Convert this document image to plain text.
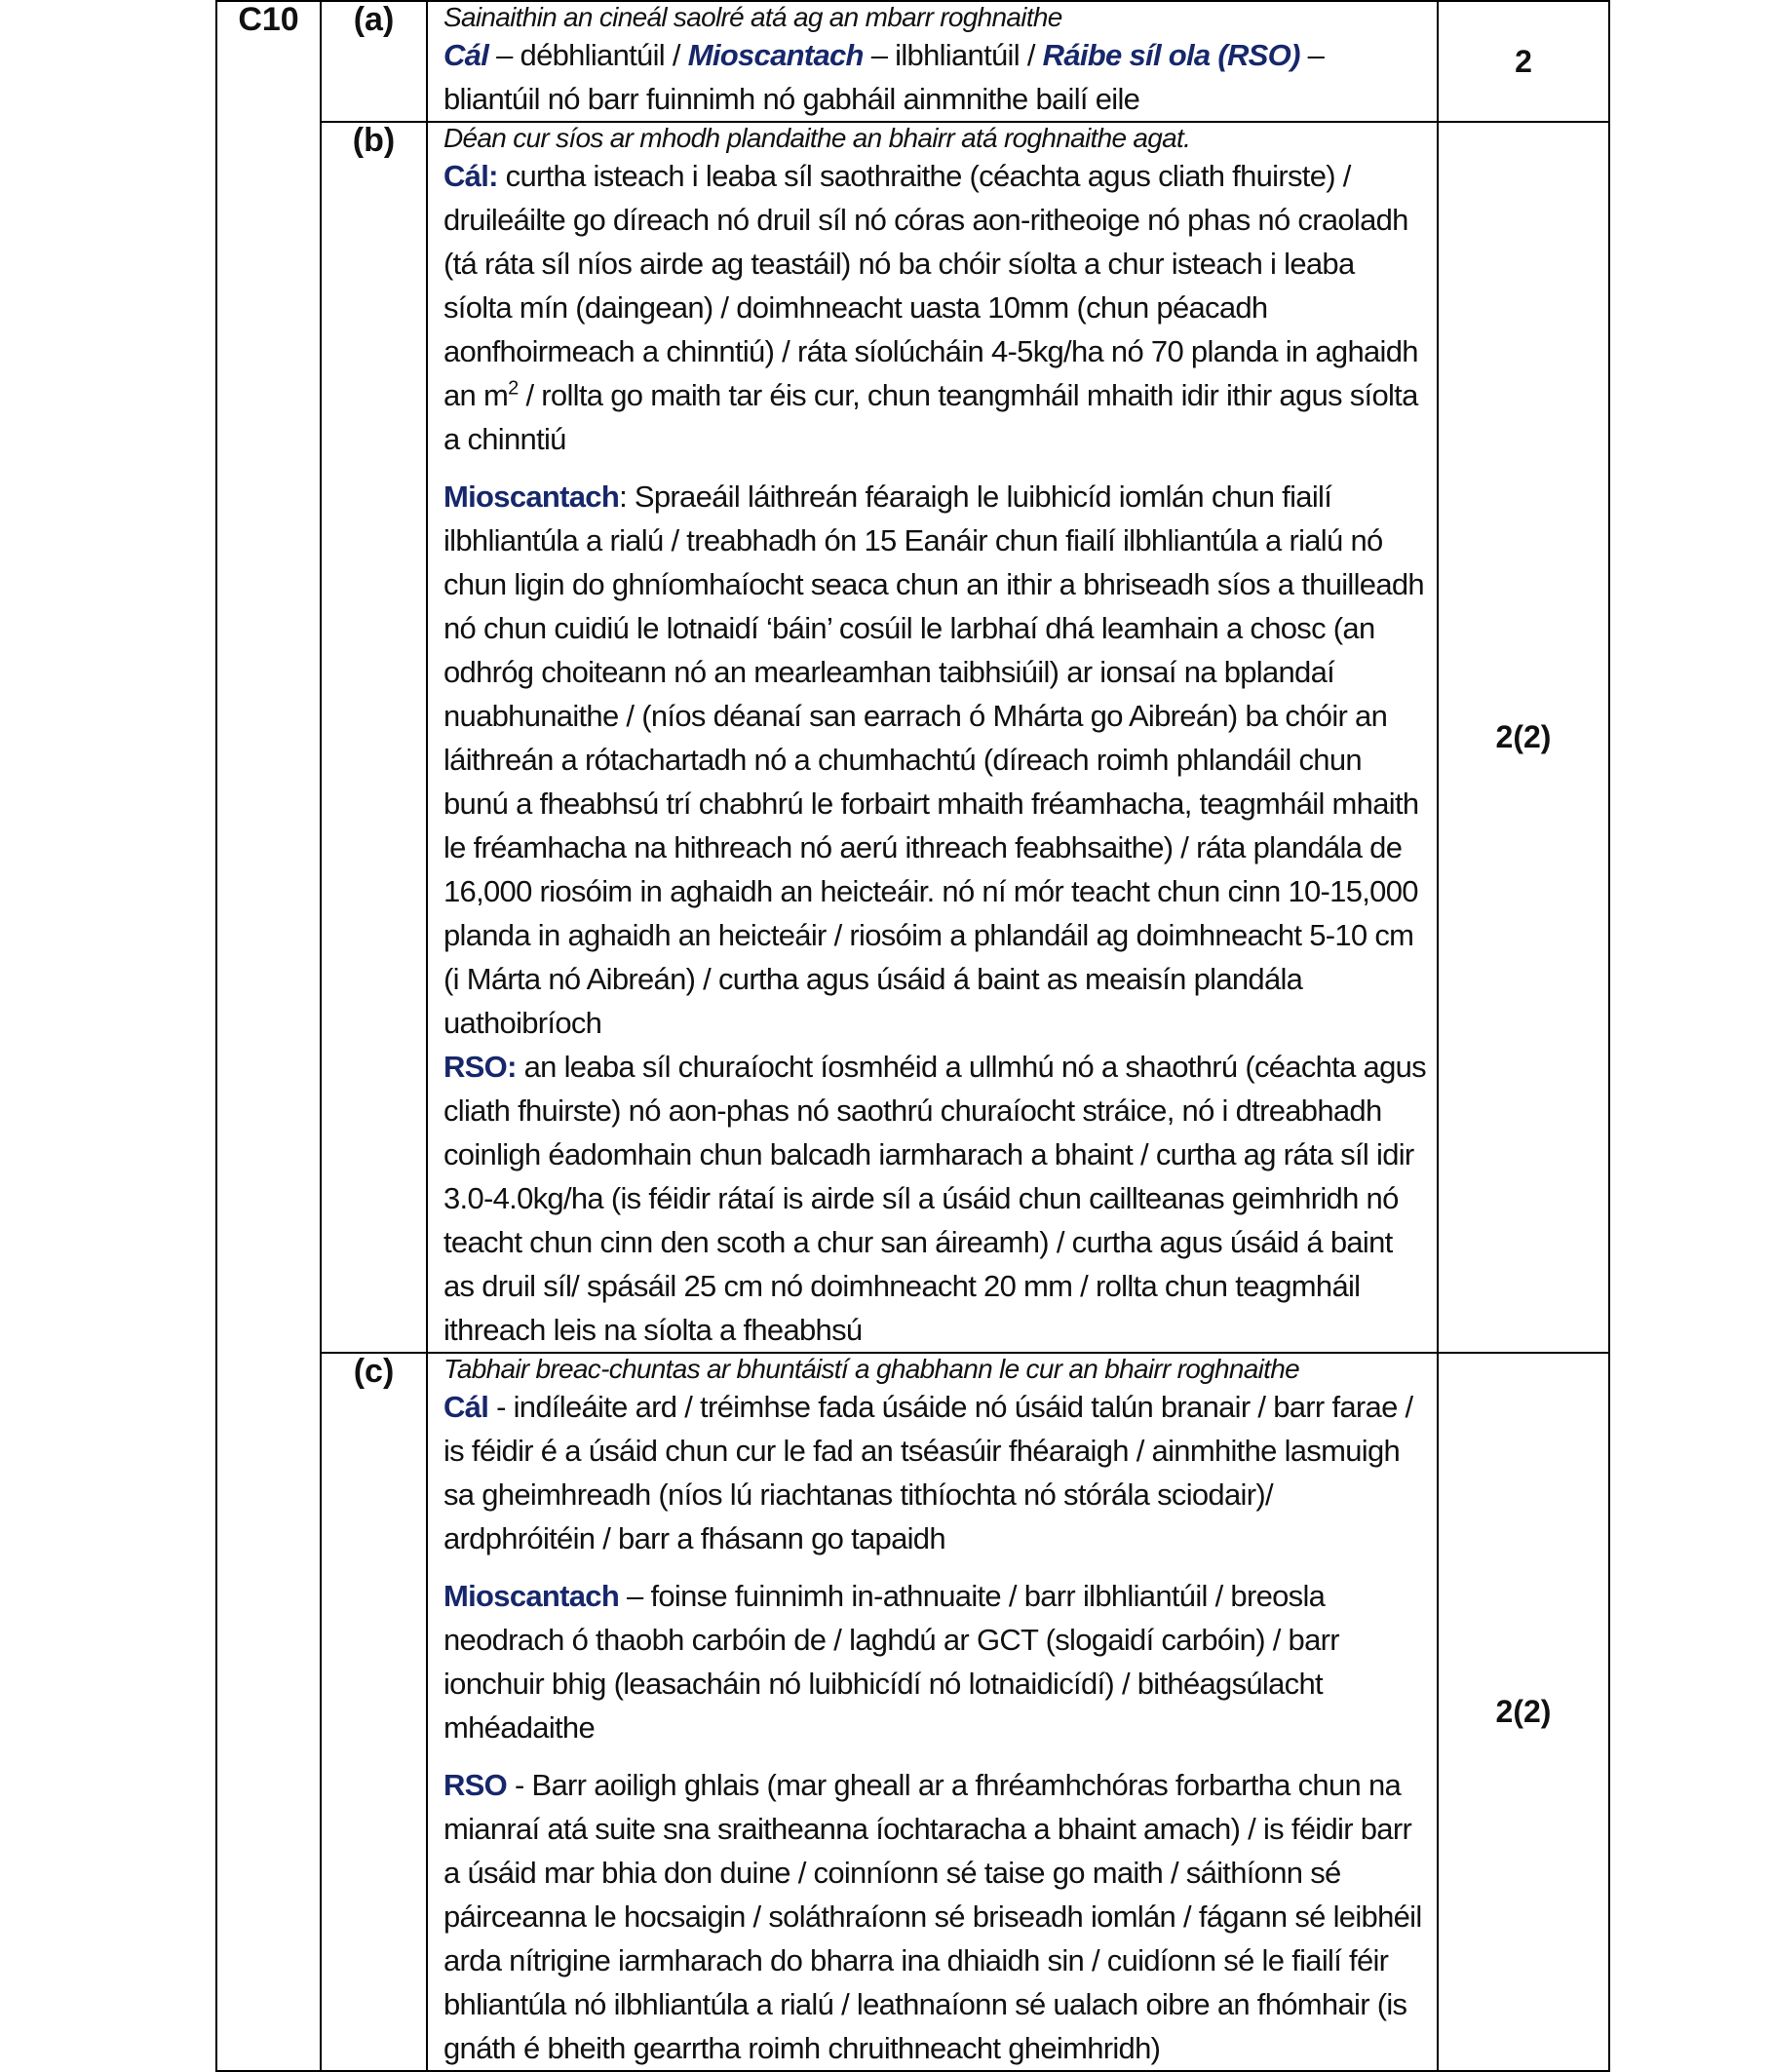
C10	(a)	Sainaithin an cineál saolré atá ag an mbarr roghnaithe
Cál – débhliantúil / Mioscantach – ilbhliantúil / Ráibe síl ola (RSO) – bliantúil nó barr fuinnimh nó gabháil ainmnithe bailí eile	2
	(b)	Déan cur síos ar mhodh plandaithe an bhairr atá roghnaithe agat.
Cál: curtha isteach i leaba síl saothraithe (céachta agus cliath fhuirste) / druileáilte go díreach nó druil síl nó córas aon-ritheoige nó phas nó craoladh (tá ráta síl níos airde ag teastáil) nó ba chóir síolta a chur isteach i leaba síolta mín (daingean) / doimhneacht uasta 10mm (chun péacadh aonfhoirmeach a chinntiú) / ráta síolúcháin 4-5kg/ha nó 70 planda in aghaidh an $m^2$ / rollta go maith tar éis cur, chun teangmháil mhaith idir ithir agus síolta a chinntiú
Mioscantach: Spraeáil láithreán féaraigh le luibhicíd iomlán chun fiailí ilbhliantúla a rialú / treabhadh ón 15 Eanáir chun fiailí ilbhliantúla a rialú nó chun ligin do ghníomhaíocht seaca chun an ithir a bhriseadh síos a thuilleadh nó chun cuidiú le lotnaidí ‘báin’ cosúil le larbhaí dhá leamhain a chosc (an odhróg choiteann nó an mearleamhan taibhsiúil) ar ionsaí na bplandaí nuabhunaithe / (níos déanaí san earrach ó Mhárta go Aibreán) ba chóir an láithreán a rótachartadh nó a chumhachtú (díreach roimh phlandáil chun bunú a fheabhsú trí chabhrú le forbairt mhaith fréamhacha, teagmháil mhaith le fréamhacha na hithreach nó aerú ithreach feabhsaithe) / ráta plandála de 16,000 riosóim in aghaidh an heicteáir. nó ní mór teacht chun cinn 10-15,000 planda in aghaidh an heicteáir / riosóim a phlandáil ag doimhneacht 5-10 cm (i Márta nó Aibreán) / curtha agus úsáid á baint as meaisín plandála uathoibríoch
RSO: an leaba síl churaíocht íosmhéid a ullmhú nó a shaothrú (céachta agus cliath fhuirste) nó aon-phas nó saothrú churaíocht stráice, nó i dtreabhadh coinligh éadomhain chun balcadh iarmharach a bhaint / curtha ag ráta síl idir 3.0-4.0kg/ha (is féidir rátaí is airde síl a úsáid chun caillteanas geimhridh nó teacht chun cinn den scoth a chur san áireamh) / curtha agus úsáid á baint as druil síl/ spásáil 25 cm nó doimhneacht 20 mm / rollta chun teagmháil ithreach leis na síolta a fheabhsú	2(2)
	(c)	Tabhair breac-chuntas ar bhuntáistí a ghabhann le cur an bhairr roghnaithe
Cál - indíleáite ard / tréimhse fada úsáide nó úsáid talún branair / barr farae / is féidir é a úsáid chun cur le fad an tséasúir fhéaraigh / ainmhithe lasmuigh sa gheimhreadh (níos lú riachtanas tithíochta nó stórála sciodair)/ ardphróitéin / barr a fhásann go tapaidh
Mioscantach – foinse fuinnimh in-athnuaite / barr ilbhliantúil / breosla neodrach ó thaobh carbóin de / laghdú ar GCT (slogaidí carbóin) / barr ionchuir bhig (leasacháin nó luibhicídí nó lotnaidicídí) / bithéagsúlacht mhéadaithe
RSO - Barr aoiligh ghlais (mar gheall ar a fhréamhchóras forbartha chun na mianraí atá suite sna sraitheanna íochtaracha a bhaint amach) / is féidir barr a úsáid mar bhia don duine / coinníonn sé taise go maith / sáithíonn sé páirceanna le hocsaigin / soláthraíonn sé briseadh iomlán / fágann sé leibhéil arda nítrigine iarmharach do bharra ina dhiaidh sin / cuidíonn sé le fiailí féir bhliantúla nó ilbhliantúla a rialú / leathnaíonn sé ualach oibre an fhómhair (is gnáth é bheith gearrtha roimh chruithneacht gheimhridh)	2(2)
